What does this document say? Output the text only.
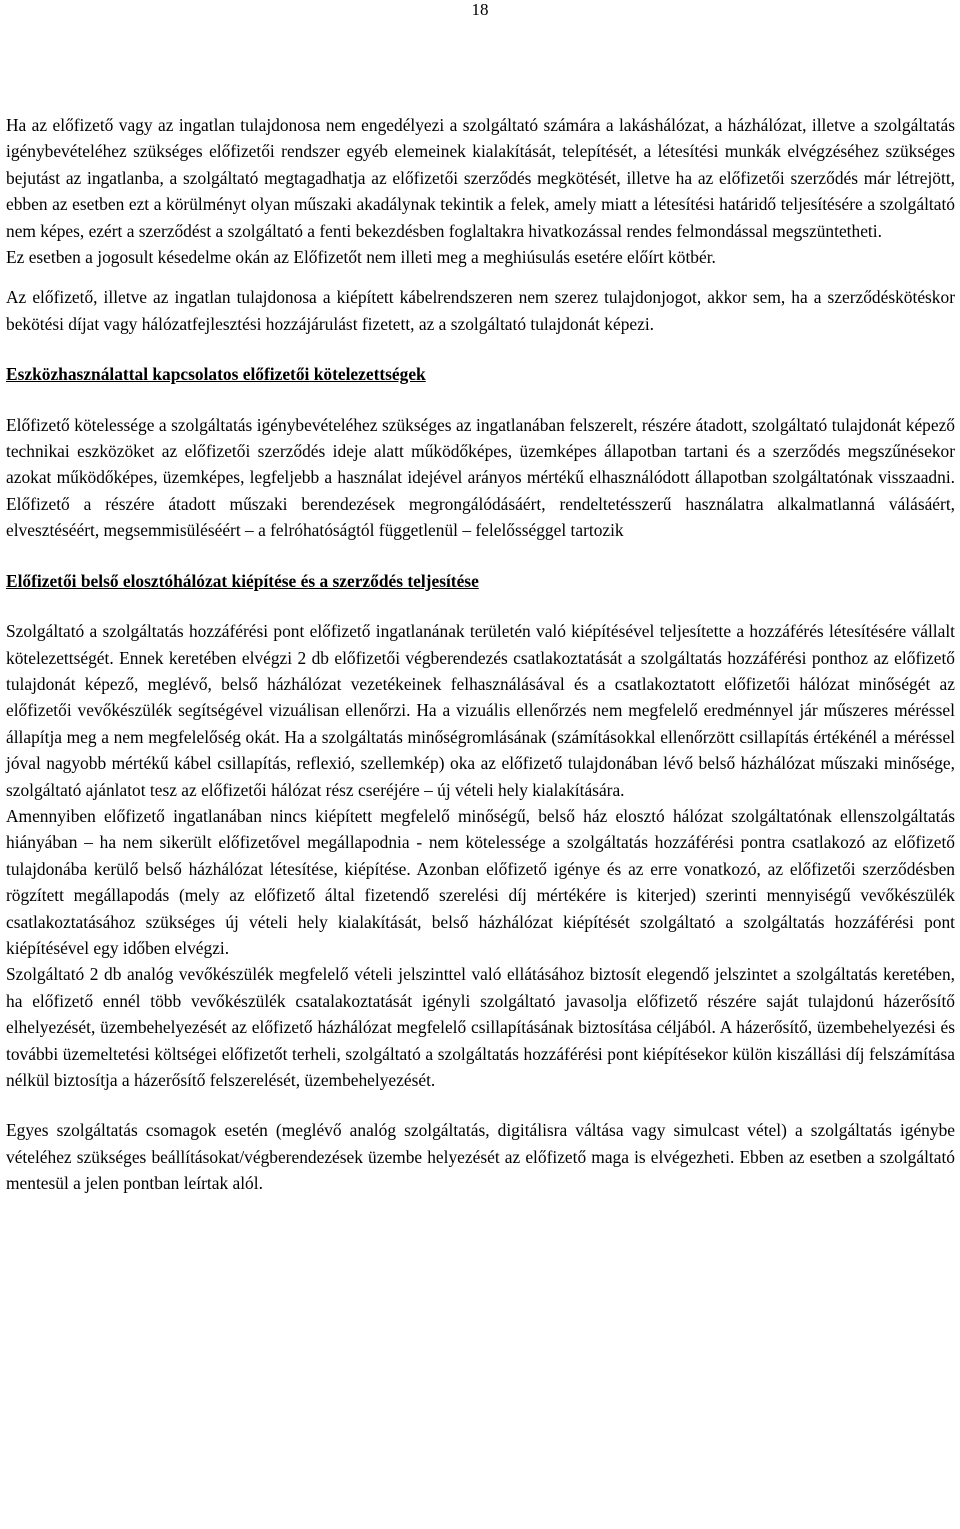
18

Ha az előfizető vagy az ingatlan tulajdonosa nem engedélyezi a szolgáltató számára a lakáshálózat, a házhálózat, illetve a szolgáltatás igénybevételéhez szükséges előfizetői rendszer egyéb elemeinek kialakítását, telepítését, a létesítési munkák elvégzéséhez szükséges bejutást az ingatlanba, a szolgáltató megtagadhatja az előfizetői szerződés megkötését, illetve ha az előfizetői szerződés már létrejött, ebben az esetben ezt a körülményt olyan műszaki akadálynak tekintik a felek, amely miatt a létesítési határidő teljesítésére a szolgáltató nem képes, ezért a szerződést a szolgáltató a fenti bekezdésben foglaltakra hivatkozással rendes felmondással megszüntetheti.

Ez esetben a jogosult késedelme okán az Előfizetőt nem illeti meg a meghiúsulás esetére előírt kötbér.

Az előfizető, illetve az ingatlan tulajdonosa a kiépített kábelrendszeren nem szerez tulajdonjogot, akkor sem, ha a szerződéskötéskor bekötési díjat vagy hálózatfejlesztési hozzájárulást fizetett, az a szolgáltató tulajdonát képezi.

Eszközhasználattal kapcsolatos előfizetői kötelezettségek

Előfizető kötelessége a szolgáltatás igénybevételéhez szükséges az ingatlanában felszerelt, részére átadott, szolgáltató tulajdonát képező technikai eszközöket az előfizetői szerződés ideje alatt működőképes, üzemképes állapotban tartani és a szerződés megszűnésekor azokat működőképes, üzemképes, legfeljebb a használat idejével arányos mértékű elhasználódott állapotban szolgáltatónak visszaadni. Előfizető a részére átadott műszaki berendezések megrongálódásáért, rendeltetésszerű használatra alkalmatlanná válásáért, elvesztéséért, megsemmisüléséért – a felróhatóságtól függetlenül – felelősséggel tartozik

Előfizetői belső elosztóhálózat kiépítése és a szerződés teljesítése

Szolgáltató a szolgáltatás hozzáférési pont előfizető ingatlanának területén való kiépítésével teljesítette a hozzáférés létesítésére vállalt kötelezettségét. Ennek keretében elvégzi 2 db előfizetői végberendezés csatlakoztatását a szolgáltatás hozzáférési ponthoz az előfizető tulajdonát képező, meglévő, belső házhálózat vezetékeinek felhasználásával és a csatlakoztatott előfizetői hálózat minőségét az előfizetői vevőkészülék segítségével vizuálisan ellenőrzi. Ha a vizuális ellenőrzés nem megfelelő eredménnyel jár műszeres méréssel állapítja meg a nem megfelelőség okát. Ha a szolgáltatás minőségromlásának (számításokkal ellenőrzött csillapítás értékénél a méréssel jóval nagyobb mértékű kábel csillapítás, reflexió, szellemkép) oka az előfizető tulajdonában lévő belső házhálózat műszaki minősége, szolgáltató ajánlatot tesz az előfizetői hálózat rész cseréjére – új vételi hely kialakítására.

Amennyiben előfizető ingatlanában nincs kiépített megfelelő minőségű, belső ház elosztó hálózat szolgáltatónak ellenszolgáltatás hiányában – ha nem sikerült előfizetővel megállapodnia - nem kötelessége a szolgáltatás hozzáférési pontra csatlakozó az előfizető tulajdonába kerülő belső házhálózat létesítése, kiépítése. Azonban előfizető igénye és az erre vonatkozó, az előfizetői szerződésben rögzített megállapodás (mely az előfizető által fizetendő szerelési díj mértékére is kiterjed) szerinti mennyiségű vevőkészülék csatlakoztatásához szükséges új vételi hely kialakítását, belső házhálózat kiépítését szolgáltató a szolgáltatás hozzáférési pont kiépítésével egy időben elvégzi.

Szolgáltató 2 db analóg vevőkészülék megfelelő vételi jelszinttel való ellátásához biztosít elegendő jelszintet a szolgáltatás keretében, ha előfizető ennél több vevőkészülék csatalakoztatását igényli szolgáltató javasolja előfizető részére saját tulajdonú házerősítő elhelyezését, üzembehelyezését az előfizető házhálózat megfelelő csillapításának biztosítása céljából. A házerősítő, üzembehelyezési és további üzemeltetési költségei előfizetőt terheli, szolgáltató a szolgáltatás hozzáférési pont kiépítésekor külön kiszállási díj felszámítása nélkül biztosítja a házerősítő felszerelését, üzembehelyezését.

Egyes szolgáltatás csomagok esetén (meglévő analóg szolgáltatás, digitálisra váltása vagy simulcast vétel) a szolgáltatás igénybe vételéhez szükséges beállításokat/végberendezések üzembe helyezését az előfizető maga is elvégezheti. Ebben az esetben a szolgáltató mentesül a jelen pontban leírtak alól.
